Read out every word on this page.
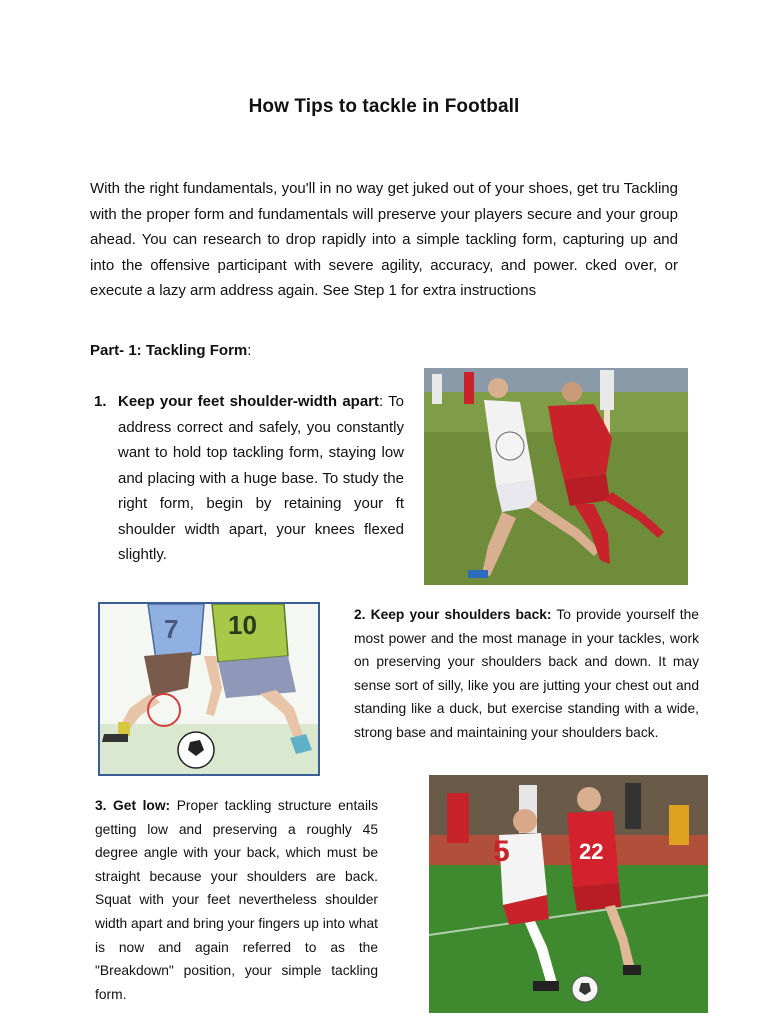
How Tips to tackle in Football

With the right fundamentals, you'll in no way get juked out of your shoes, get tru Tackling with the proper form and fundamentals will preserve your players secure and your group ahead. You can research to drop rapidly into a simple tackling form, capturing up and into the offensive participant with severe agility, accuracy, and power. cked over, or execute a lazy arm address again. See Step 1 for extra instructions

Part- 1: Tackling Form:

1. Keep your feet shoulder-width apart: To address correct and safely, you constantly want to hold top tackling form, staying low and placing with a huge base. To study the right form, begin by retaining your ft shoulder width apart, your knees flexed slightly.

7 10	2. Keep your shoulders back: To provide yourself the most power and the most manage in your tackles, work on preserving your shoulders back and down. It may sense sort of silly, like you are jutting your chest out and standing like a duck, but exercise standing with a wide, strong base and maintaining your shoulders back.

3. Get low: Proper tackling structure entails getting low and preserving a roughly 45 degree angle with your back, which must be straight because your shoulders are back. Squat with your feet nevertheless shoulder width apart and bring your fingers up into what is now and again referred to as the "Breakdown" position, your simple tackling form.

5	22
